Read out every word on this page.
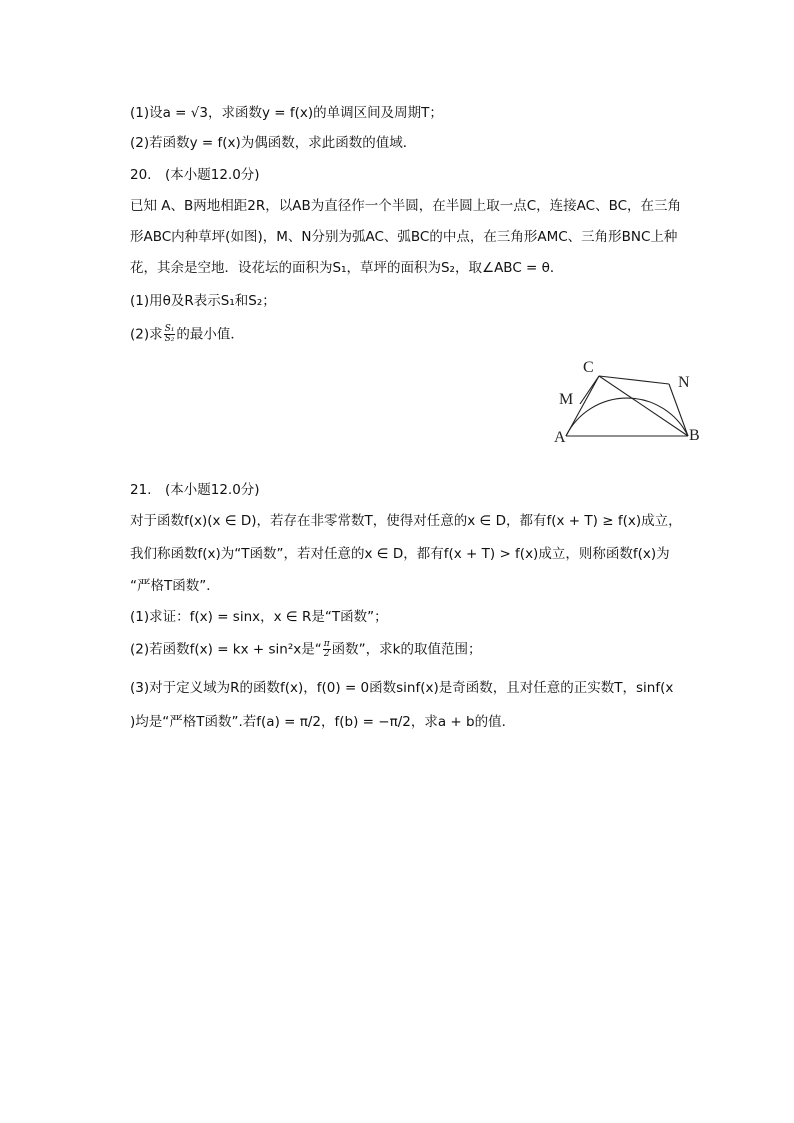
(1)设a = √3，求函数y = f(x)的单调区间及周期T；
(2)若函数y = f(x)为偶函数，求此函数的值域．
20.　(本小题12.0分)
已知 A、B两地相距2R，以AB为直径作一个半圆，在半圆上取一点C，连接AC、BC，在三角
形ABC内种草坪(如图)，M、N分别为弧AC、弧BC的中点，在三角形AMC、三角形BNC上种
花，其余是空地．设花坛的面积为S₁，草坪的面积为S₂，取∠ABC = θ．
(1)用θ及R表示S₁和S₂；
(2)求 $\frac{\text{S₁}}{\text{S₂}}$ 的最小值．
A	B
C
M
N
21.　(本小题12.0分)
对于函数f(x)(x ∈ D)，若存在非零常数T，使得对任意的x ∈ D，都有f(x + T) ≥ f(x)成立，
我们称函数f(x)为“T函数”，若对任意的x ∈ D，都有f(x + T) > f(x)成立，则称函数f(x)为
“严格T函数”．
(1)求证：f(x) = sinx，x ∈ R是“T函数”；
(2)若函数f(x) = kx + sin²x是“ $\frac{\pi}{2}$ 函数”，求k的取值范围；
(3)对于定义域为R的函数f(x)，f(0) = 0函数sinf(x)是奇函数，且对任意的正实数T，sinf(x
)均是“严格T函数”.若f(a) = π/2，f(b) = −π/2，求a + b的值．
